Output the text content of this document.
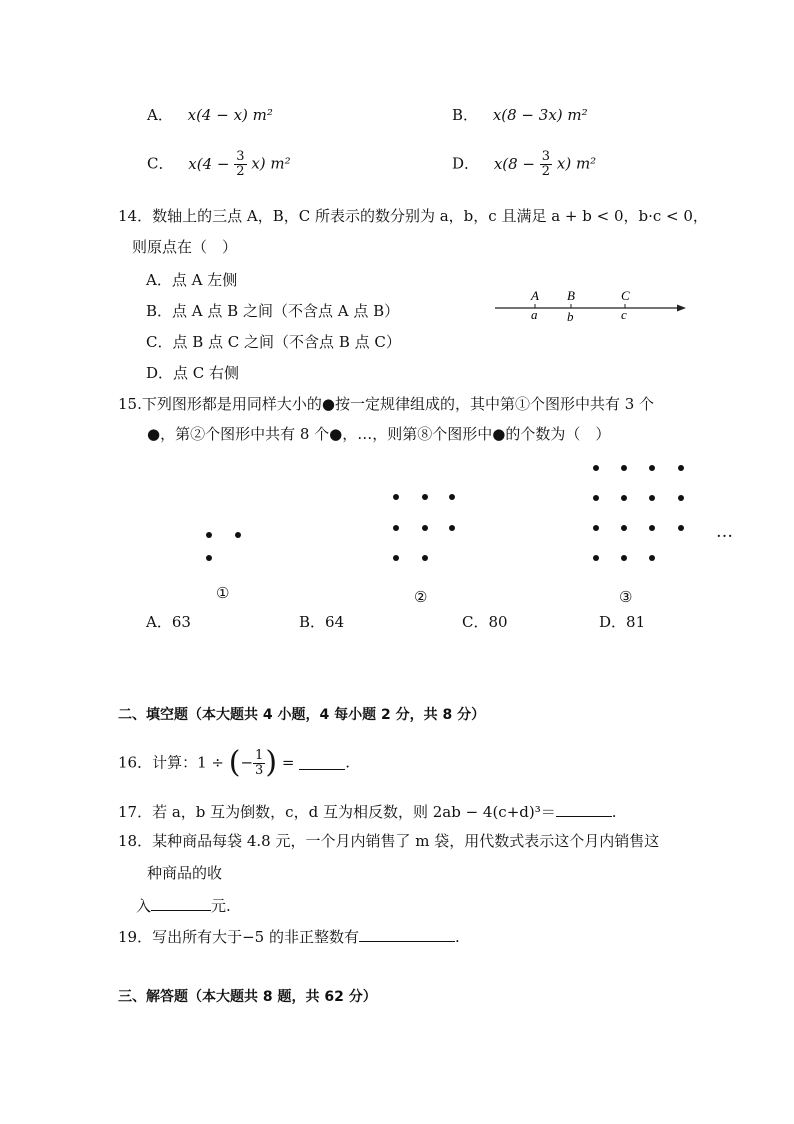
A． x(4 − x) m²	B． x(8 − 3x) m²
C． $x(4 - \frac{3}{2} x)$ m²	D． $x(8 - \frac{3}{2} x)$ m²
14．数轴上的三点 A，B，C 所表示的数分别为 a，b，c 且满足 a + b < 0，b·c < 0，
则原点在（　）
A．点 A 左侧
B．点 A 点 B 之间（不含点 A 点 B）
C．点 B 点 C 之间（不含点 B 点 C）
D．点 C 右侧
A B	C
a b	c
15.下列图形都是用同样大小的●按一定规律组成的，其中第①个图形中共有 3 个
●，第②个图形中共有 8 个●，…，则第⑧个图形中●的个数为（　）
…
①	②	③
A．63	B．64	C．80	D．81
二、填空题（本大题共 4 小题，4 每小题 2 分，共 8 分）
16．计算：1 ÷ (− $\frac{1}{3}$ ) =	.
17．若 a，b 互为倒数，c，d 互为相反数，则 2ab − 4(c+d)³＝	.
18．某种商品每袋 4.8 元，一个月内销售了 m 袋，用代数式表示这个月内销售这
种商品的收
入	元.
19．写出所有大于−5 的非正整数有	.
三、解答题（本大题共 8 题，共 62 分）
